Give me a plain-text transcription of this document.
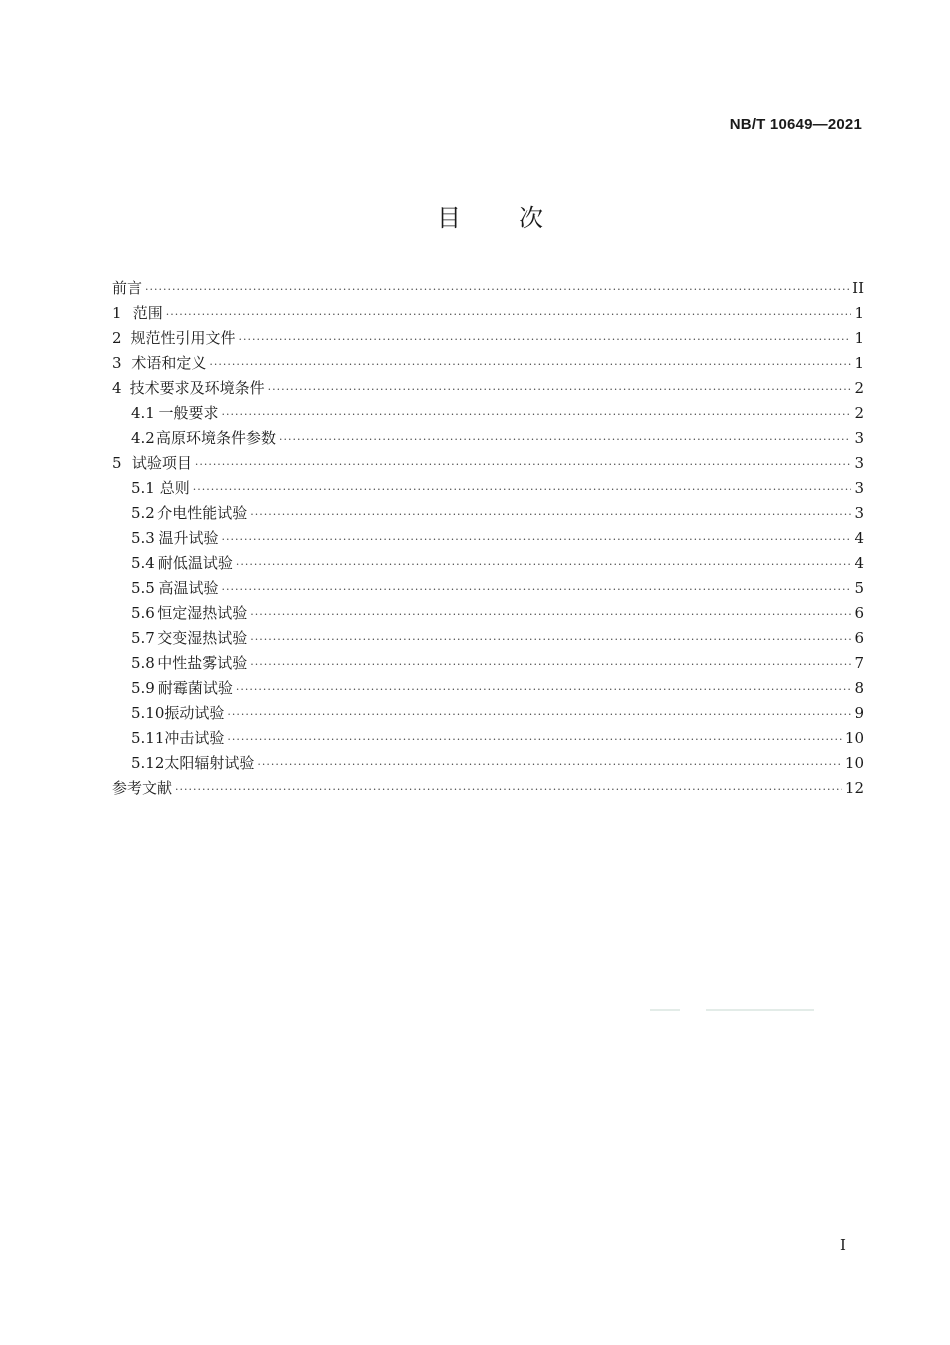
NB/T 10649—2021
目 次
前言 ·····	II
1 范围 ·····	1
2 规范性引用文件 ·····	1
3 术语和定义 ·····	1
4 技术要求及环境条件 ·····	2
4.1 一般要求 ·····	2
4.2 高原环境条件参数 ·····	3
5 试验项目 ·····	3
5.1 总则 ·····	3
5.2 介电性能试验 ·····	3
5.3 温升试验 ·····	4
5.4 耐低温试验 ·····	4
5.5 高温试验 ·····	5
5.6 恒定湿热试验 ·····	6
5.7 交变湿热试验 ·····	6
5.8 中性盐雾试验 ·····	7
5.9 耐霉菌试验 ·····	8
5.10 振动试验 ·····	9
5.11 冲击试验 ·····	10
5.12 太阳辐射试验 ·····	10
参考文献 ·····	12
I
